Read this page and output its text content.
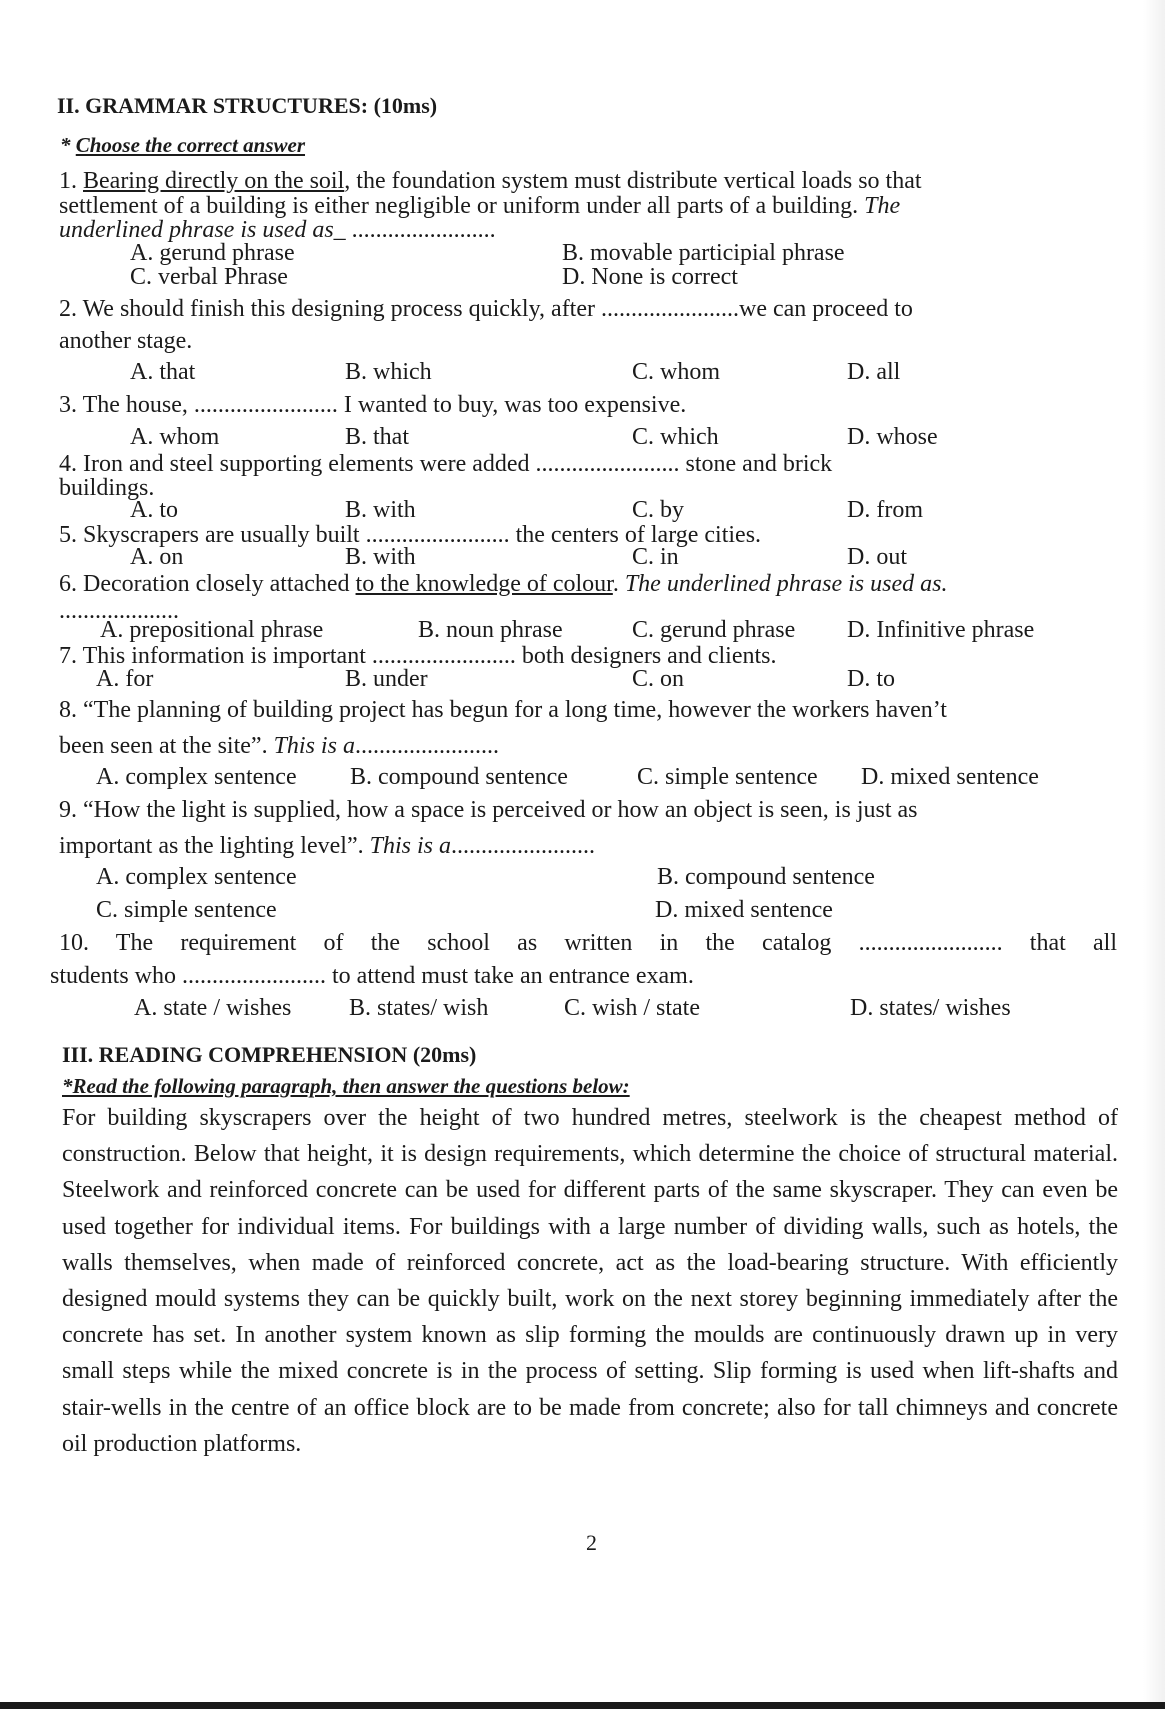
II. GRAMMAR STRUCTURES: (10ms)
* Choose the correct answer
1. Bearing directly on the soil, the foundation system must distribute vertical loads so that
settlement of a building is either negligible or uniform under all parts of a building. The
underlined phrase is used as_ ........................
A. gerund phrase	B. movable participial phrase
C. verbal Phrase	D. None is correct
2. We should finish this designing process quickly, after .......................we can proceed to
another stage.
A. that	B. which	C. whom	D. all
3. The house, ........................ I wanted to buy, was too expensive.
A. whom	B. that	C. which	D. whose
4. Iron and steel supporting elements were added ........................ stone and brick
buildings.
A. to	B. with	C. by	D. from
5. Skyscrapers are usually built ........................ the centers of large cities.
A. on	B. with	C. in	D. out
6. Decoration closely attached to the knowledge of colour. The underlined phrase is used as.
....................
A. prepositional phrase	B. noun phrase	C. gerund phrase D. Infinitive phrase
7. This information is important ........................ both designers and clients.
A. for	B. under	C. on	D. to
8. “The planning of building project has begun for a long time, however the workers haven’t
been seen at the site”. This is a........................
A. complex sentence B. compound sentence	C. simple sentence D. mixed sentence
9. “How the light is supplied, how a space is perceived or how an object is seen, is just as
important as the lighting level”. This is a........................
A. complex sentence	B. compound sentence
C. simple sentence	D. mixed sentence
10. The requirement of the school as written in the catalog ........................ that all
students who ........................ to attend must take an entrance exam.
A. state / wishes B. states/ wish	C. wish / state	D. states/ wishes
III. READING COMPREHENSION (20ms)
*Read the following paragraph, then answer the questions below:
For building skyscrapers over the height of two hundred metres, steelwork is the cheapest method of construction. Below that height, it is design requirements, which determine the choice of structural material. Steelwork and reinforced concrete can be used for different parts of the same skyscraper. They can even be used together for individual items. For buildings with a large number of dividing walls, such as hotels, the walls themselves, when made of reinforced concrete, act as the load-bearing structure. With efficiently designed mould systems they can be quickly built, work on the next storey beginning immediately after the concrete has set. In another system known as slip forming the moulds are continuously drawn up in very small steps while the mixed concrete is in the process of setting. Slip forming is used when lift-shafts and stair-wells in the centre of an office block are to be made from concrete; also for tall chimneys and concrete oil production platforms.
2
